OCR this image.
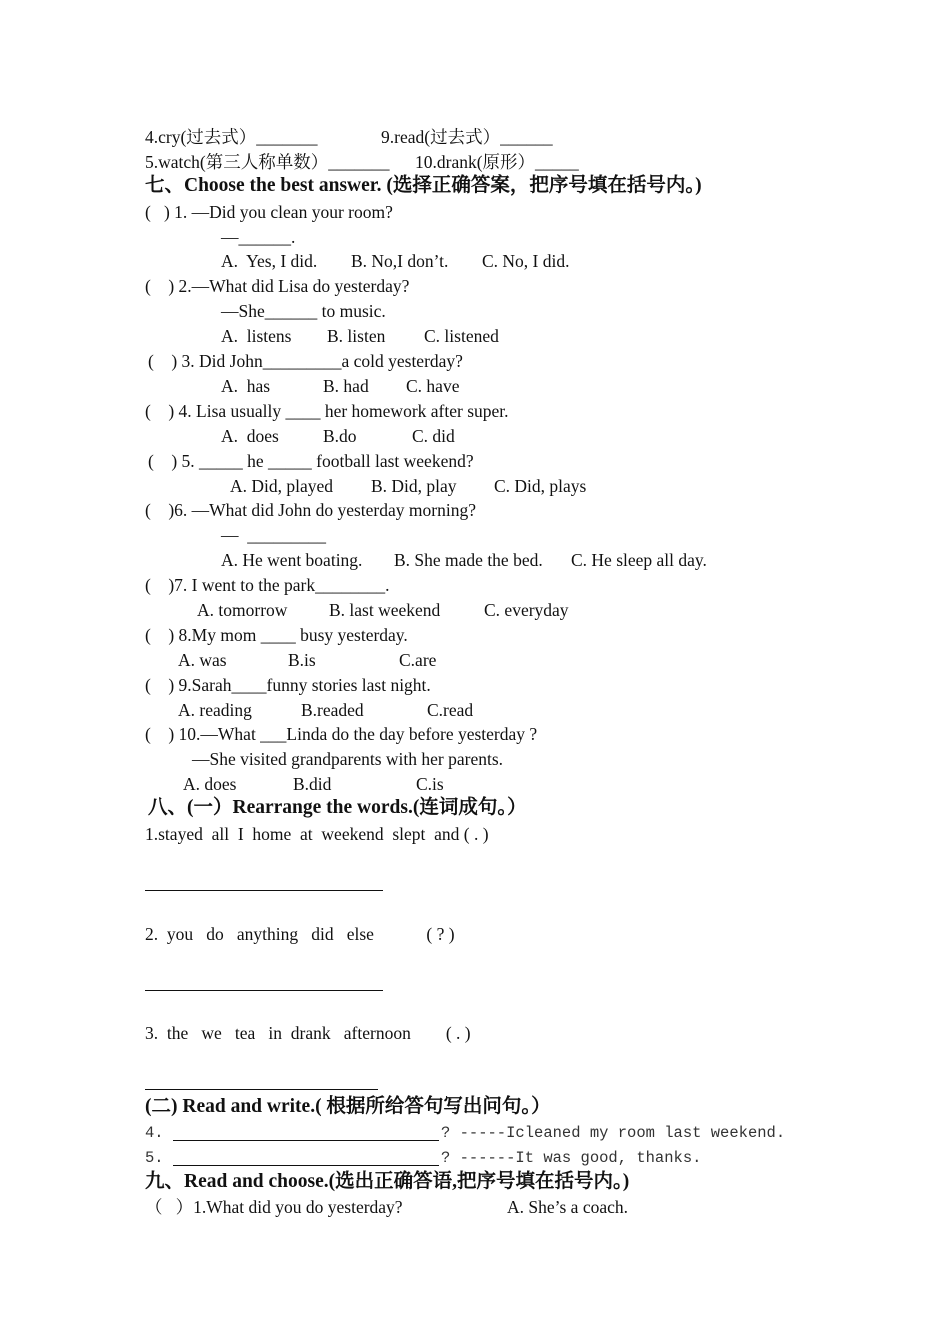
4.cry(过去式）_______	9.read(过去式）______
5.watch(第三人称单数）_______ 10.drank(原形）_____
七、Choose the best answer. (选择正确答案，把序号填在括号内。)
(   ) 1. —Did you clean your room?
—______.
A.  Yes, I did. B. No,I don’t. C. No, I did.
(    ) 2.—What did Lisa do yesterday?
—She______ to music.
A.  listens B. listen C. listened
(    ) 3. Did John_________a cold yesterday?
A.  has	B. had C. have
(    ) 4. Lisa usually ____ her homework after super.
A.  does	B.do	C. did
(    ) 5. _____ he _____ football last weekend?
A. Did, played B. Did, play C. Did, plays
(    )6. —What did John do yesterday morning?
—  _________
A. He went boating. B. She made the bed. C. He sleep all day.
(    )7. I went to the park________.
A. tomorrow B. last weekend C. everyday
(    ) 8.My mom ____ busy yesterday.
A. was	B.is	C.are
(    ) 9.Sarah____funny stories last night.
A. reading	B.readed	C.read
(    ) 10.—What ___Linda do the day before yesterday ?
—She visited grandparents with her parents.
A. does	B.did	C.is
八、(一）Rearrange the words.(连词成句。）
1.stayed  all  I  home  at  weekend  slept  and ( . )
2.  you   do   anything   did   else            ( ? )
3.  the   we   tea   in  drank   afternoon        ( . )
(二) Read and write.( 根据所给答句写出问句。）
4.	? -----Icleaned my room last weekend.
5.	? ------It was good, thanks.
九、Read and choose.(选出正确答语,把序号填在括号内。)
（   ）1.What did you do yesterday?	A. She’s a coach.
